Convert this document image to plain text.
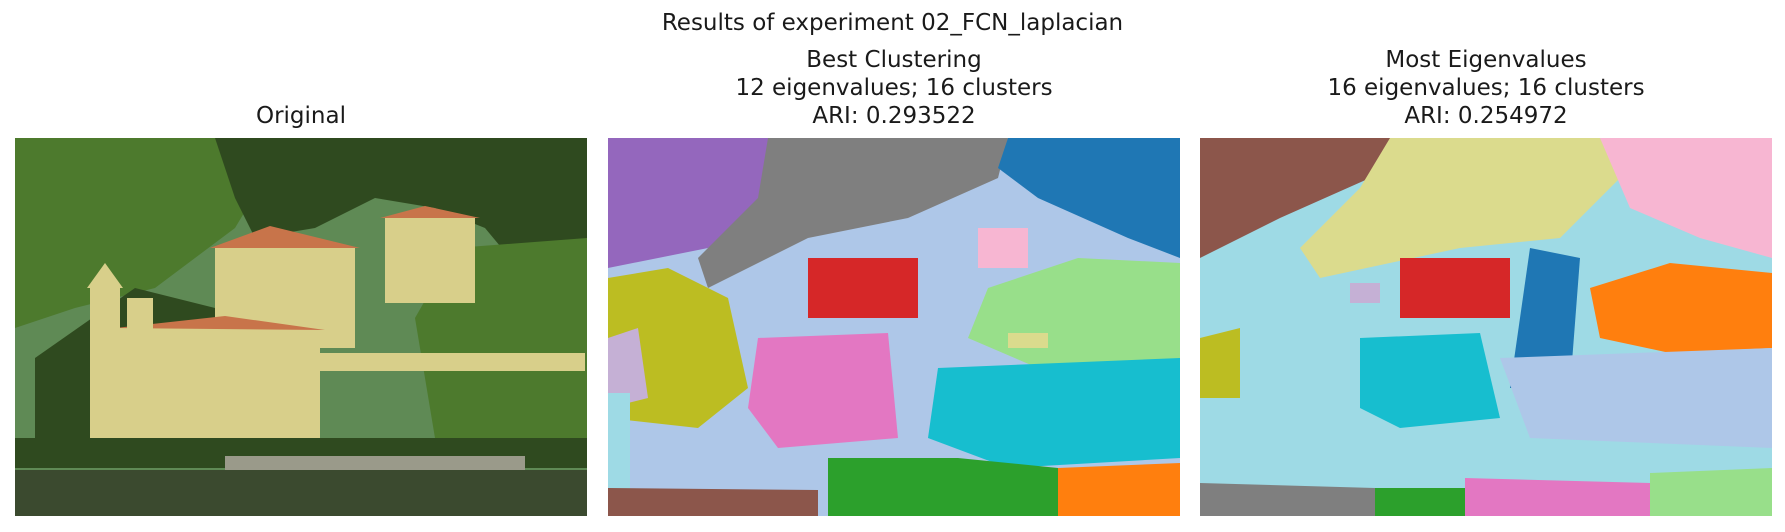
Results of experiment 02_FCN_laplacian
Original
Best Clustering
12 eigenvalues; 16 clusters
ARI: 0.293522
Most Eigenvalues
16 eigenvalues; 16 clusters
ARI: 0.254972
